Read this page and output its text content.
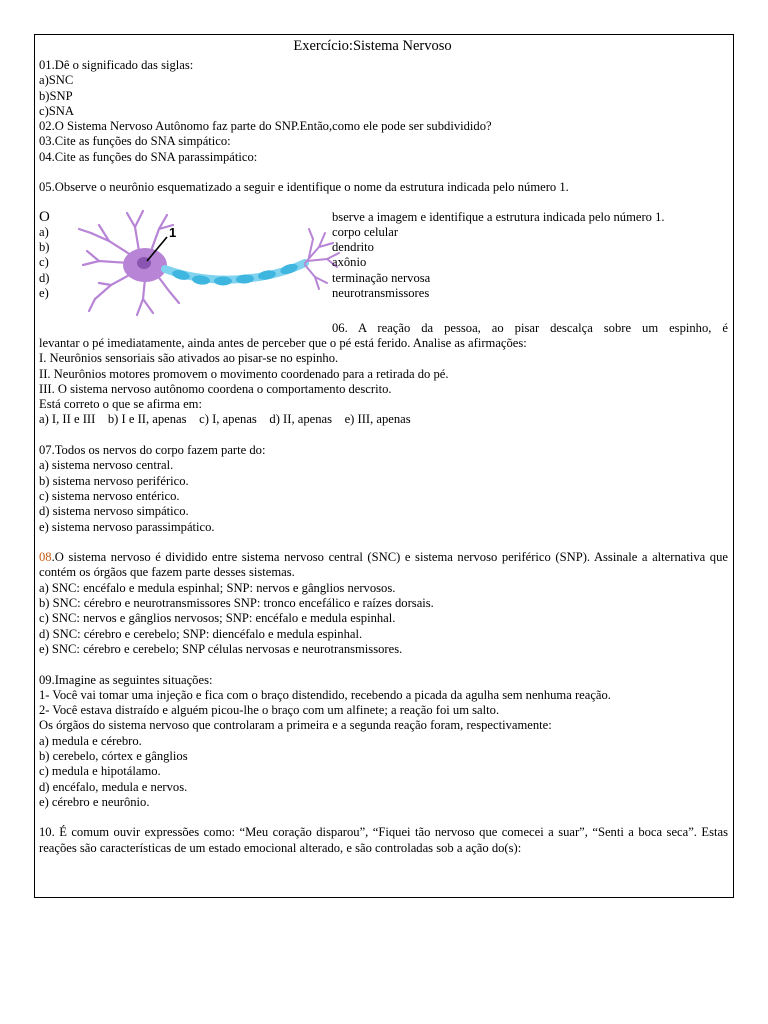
Exercício:Sistema Nervoso
01.Dê o significado das siglas:
a)SNC
b)SNP
c)SNA
02.O Sistema Nervoso Autônomo faz parte do SNP.Então,como ele pode ser subdividido?
03.Cite as funções do SNA simpático:
04.Cite as funções do SNA parassimpático:
05.Observe o neurônio esquematizado a seguir e identifique o nome da estrutura indicada pelo número 1.
O
a)
b)
c)
d)
e)
1
bserve a imagem e identifique a estrutura indicada pelo número 1.
corpo celular
dendrito
axônio
terminação nervosa
neurotransmissores
06. A reação da pessoa, ao pisar descalça sobre um espinho, é
levantar o pé imediatamente, ainda antes de perceber que o pé está ferido. Analise as afirmações:
I. Neurônios sensoriais são ativados ao pisar-se no espinho.
II. Neurônios motores promovem o movimento coordenado para a retirada do pé.
III. O sistema nervoso autônomo coordena o comportamento descrito.
Está correto o que se afirma em:
a) I, II e III    b) I e II, apenas    c) I, apenas    d) II, apenas    e) III, apenas
07.Todos os nervos do corpo fazem parte do:
a) sistema nervoso central.
b) sistema nervoso periférico.
c) sistema nervoso entérico.
d) sistema nervoso simpático.
e) sistema nervoso parassimpático.
08.O sistema nervoso é dividido entre sistema nervoso central (SNC) e sistema nervoso periférico (SNP). Assinale a alternativa que contém os órgãos que fazem parte desses sistemas.
a) SNC: encéfalo e medula espinhal; SNP: nervos e gânglios nervosos.
b) SNC: cérebro e neurotransmissores SNP: tronco encefálico e raízes dorsais.
c) SNC: nervos e gânglios nervosos; SNP: encéfalo e medula espinhal.
d) SNC: cérebro e cerebelo; SNP: diencéfalo e medula espinhal.
e) SNC: cérebro e cerebelo; SNP células nervosas e neurotransmissores.
09.Imagine as seguintes situações:
1- Você vai tomar uma injeção e fica com o braço distendido, recebendo a picada da agulha sem nenhuma reação.
2- Você estava distraído e alguém picou-lhe o braço com um alfinete; a reação foi um salto.
Os órgãos do sistema nervoso que controlaram a primeira e a segunda reação foram, respectivamente:
a) medula e cérebro.
b) cerebelo, córtex e gânglios
c) medula e hipotálamo.
d) encéfalo, medula e nervos.
e) cérebro e neurônio.
10. É comum ouvir expressões como: “Meu coração disparou”, “Fiquei tão nervoso que comecei a suar”, “Senti a boca seca”. Estas reações são características de um estado emocional alterado, e são controladas sob a ação do(s):
